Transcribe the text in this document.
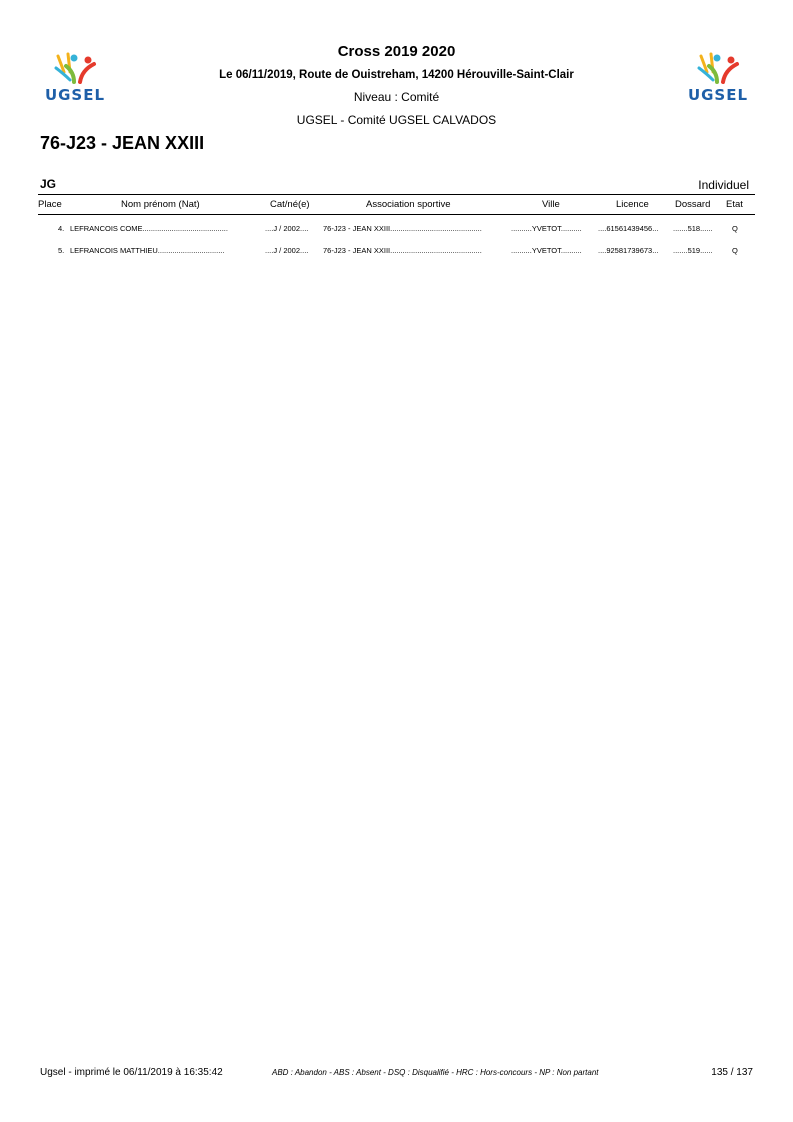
UGSEL	UGSEL
Cross 2019 2020
Le 06/11/2019, Route de Ouistreham, 14200 Hérouville-Saint-Clair
Niveau : Comité
UGSEL - Comité UGSEL CALVADOS
76-J23 - JEAN XXIII
JG	Individuel
Place	Nom prénom (Nat)	Cat/né(e)	Association sportive	Ville	Licence	Dossard Etat
4. LEFRANCOIS COME.........................................	....J / 2002....	76-J23 - JEAN XXIII............................................	..........YVETOT..........	....61561439456...	.......518......	Q
5. LEFRANCOIS MATTHIEU................................	....J / 2002....	76-J23 - JEAN XXIII............................................	..........YVETOT..........	....92581739673...	.......519......	Q
Ugsel - imprimé le 06/11/2019 à 16:35:42	ABD : Abandon - ABS : Absent - DSQ : Disqualifié - HRC : Hors-concours - NP : Non partant	135 / 137
